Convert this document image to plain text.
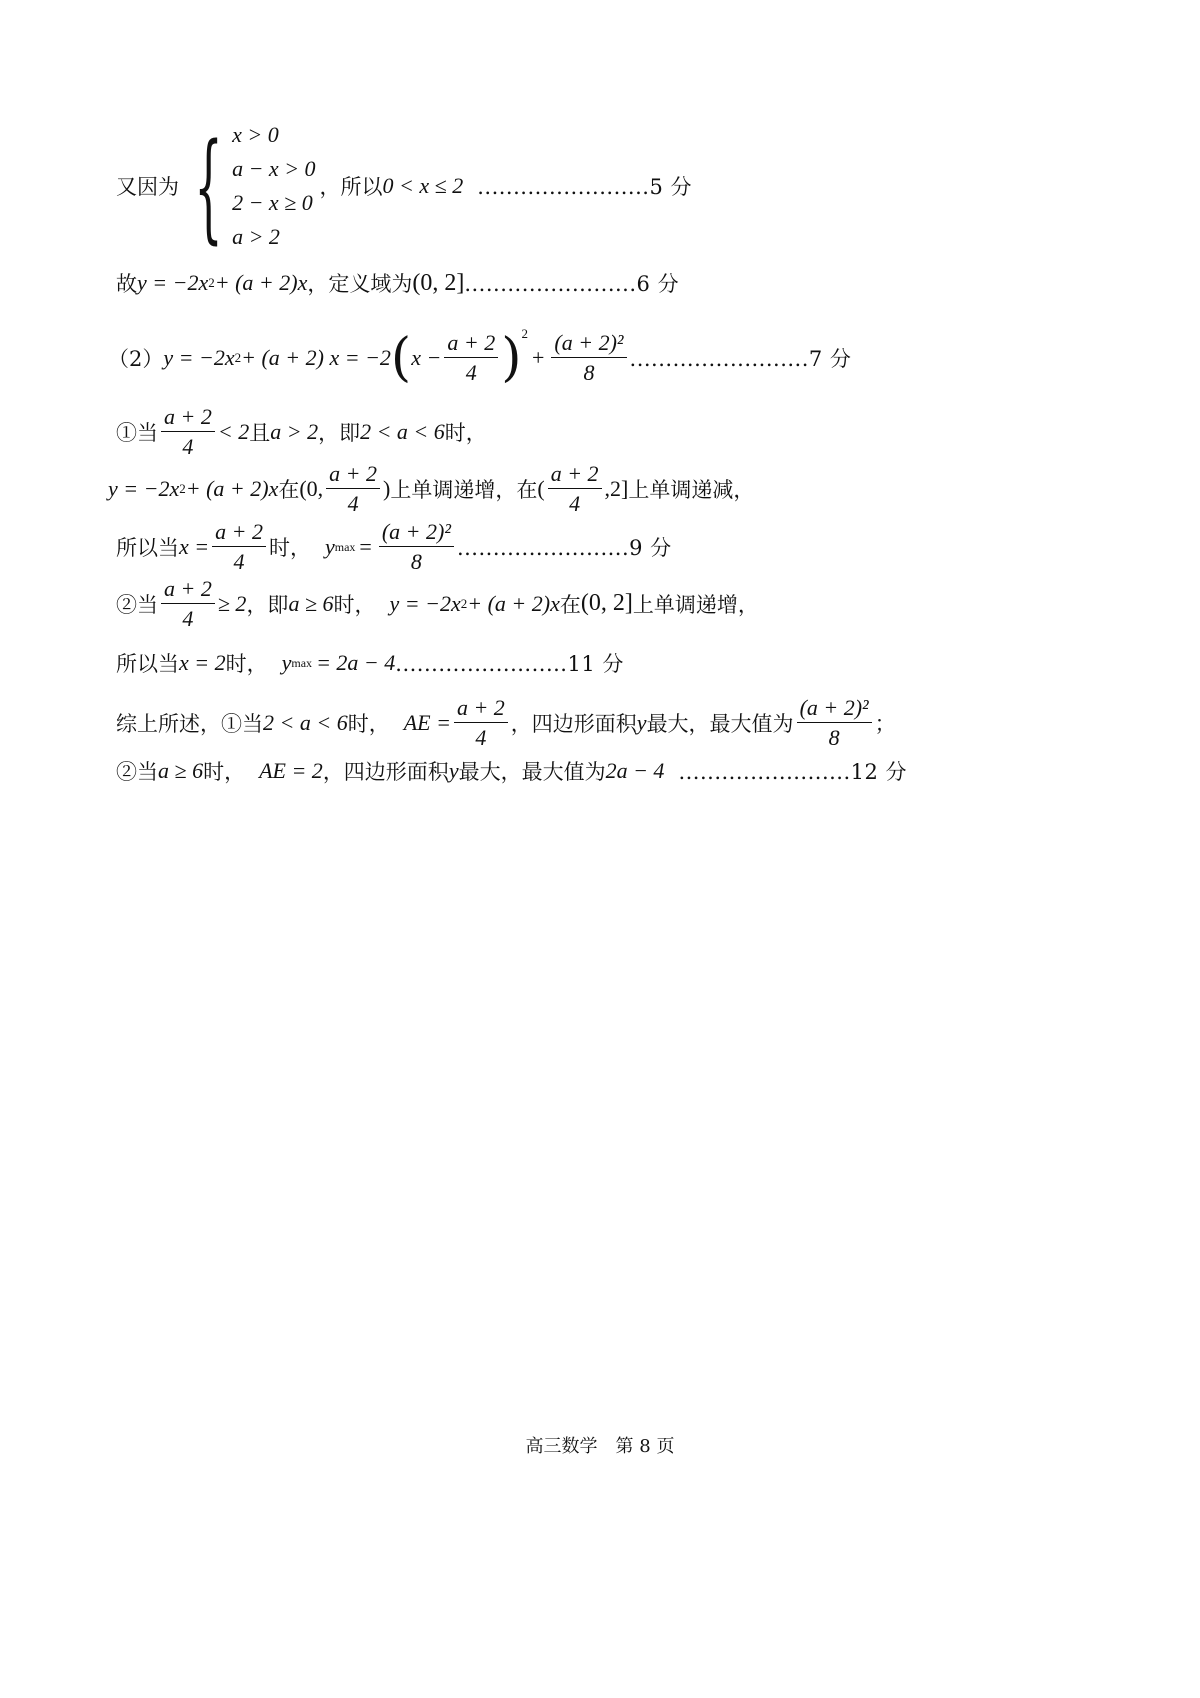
又因为 { x > 0
a − x > 0
2 − x ≥ 0
a > 2
，所以 0 < x ≤ 2 ........................5 分
故 y = −2x 2 + (a + 2)x ，定义域为 (0, 2] ........................6 分
（2） y = −2x 2 + (a + 2) x = −2 ( $x - \frac{a + 2}{4}$ ) 2
+ $\frac{\text{(a + 2)²}}{8} .........................7$ 分
①当 $\frac{a + 2}{4} < 2$ 且 a > 2 ，即 2 < a < 6 时，
y = −2x 2 + (a + 2)x 在 (0, $\frac{a + 2}{4}$ ) 上单调递增，在 ( $\frac{a + 2}{4} ,2$] 上单调递减，
所以当 $x = \frac{a + 2}{4}$ 时， y $\max = \frac{\text{(a + 2)²}}{8} ........................9$ 分
②当 $\frac{a + 2}{4} \ge 2$ ，即 a ≥ 6 时， y = −2x 2 + (a + 2)x 在 (0, 2] 上单调递增，
所以当 x = 2 时， y max = 2a − 4 ........................11 分
综上所述，①当 2 < a < 6 时， AE = $\frac{a + 2}{4}$ ，四边形面积 y 最大，最大值为 $\frac{\text{(a + 2)²}}{8}$ ；
②当 a ≥ 6 时， AE = 2 ，四边形面积 y 最大，最大值为 2a − 4 ........................12 分
高三数学　第 8 页
